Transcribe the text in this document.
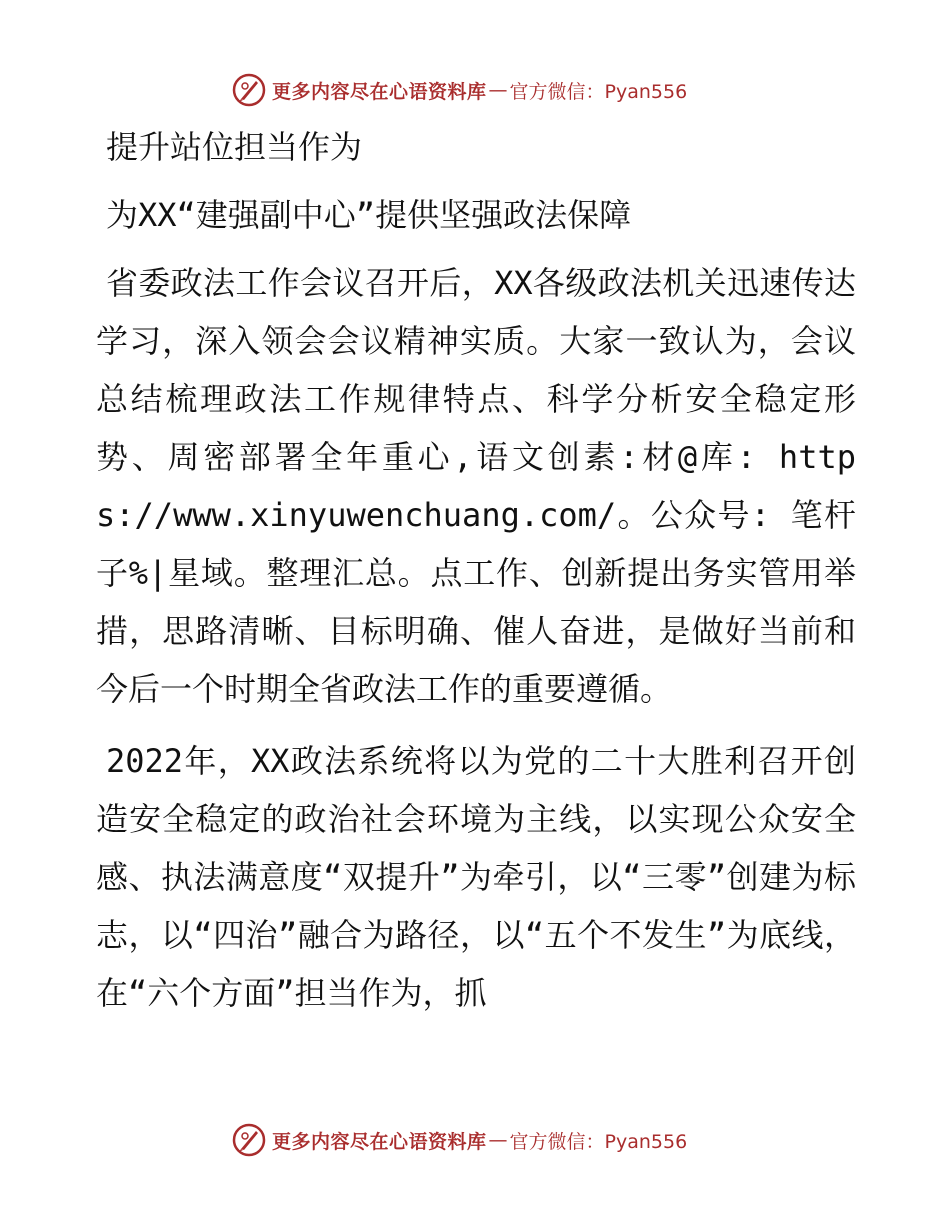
更多内容尽在心语资料库 — 官方微信：Pyan556
提升站位担当作为
为XX“建强副中心”提供坚强政法保障

省委政法工作会议召开后，XX各级政法机关迅速传达学习，深入领会会议精神实质。大家一致认为，会议总结梳理政法工作规律特点、科学分析安全稳定形势、周密部署全年重心,语文创素:材@库: https://www.xinyuwenchuang.com/。公众号: 笔杆子%|星域。整理汇总。点工作、创新提出务实管用举措，思路清晰、目标明确、催人奋进，是做好当前和今后一个时期全省政法工作的重要遵循。

2022年，XX政法系统将以为党的二十大胜利召开创造安全稳定的政治社会环境为主线，以实现公众安全感、执法满意度“双提升”为牵引，以“三零”创建为标志，以“四治”融合为路径，以“五个不发生”为底线，在“六个方面”担当作为，抓

更多内容尽在心语资料库 — 官方微信：Pyan556
